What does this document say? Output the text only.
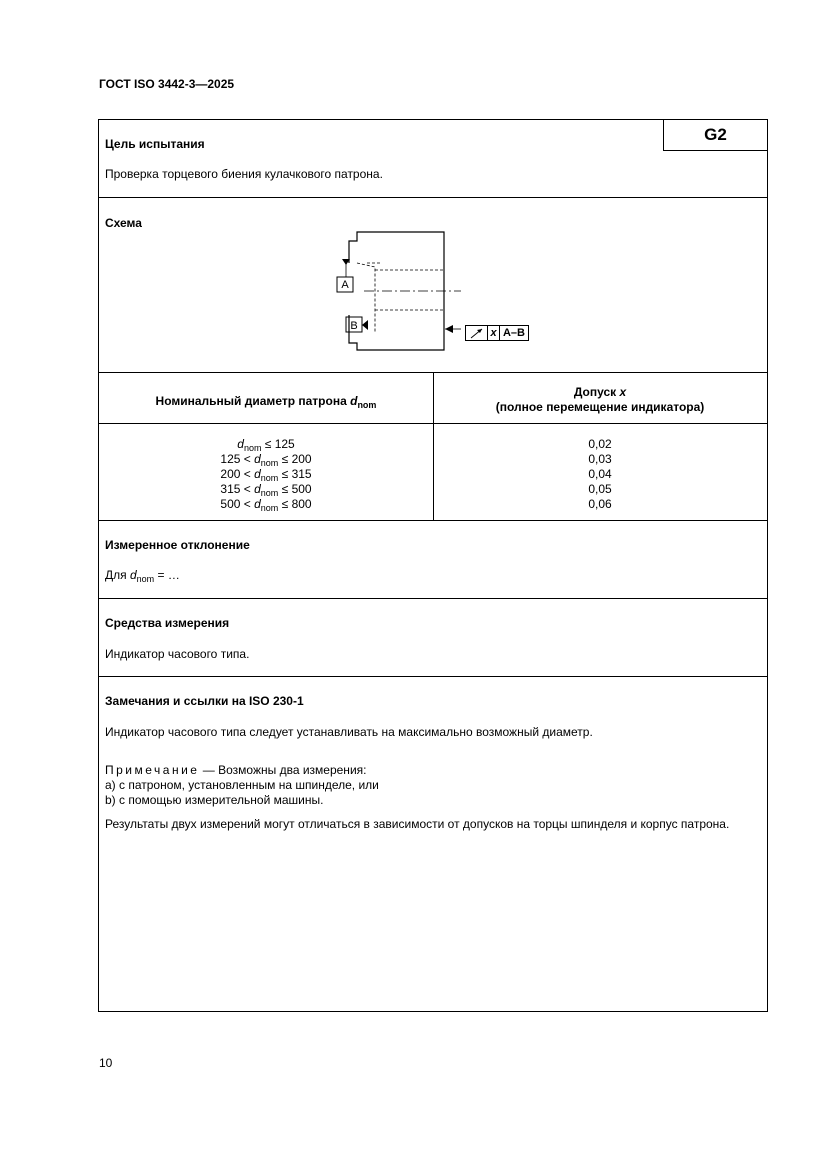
ГОСТ ISO 3442-3—2025
G2
Цель испытания
Проверка торцевого биения кулачкового патрона.
Схема
A
B
x A–B
Номинальный диаметр патрона $d_{nom}$
Допуск x
(полное перемещение индикатора)
$d_{nom} \le 125$
$125 < d_{nom} \le 200$
$200 < d_{nom} \le 315$
$315 < d_{nom} \le 500$
$500 < d_{nom} \le 800$
0,02
0,03
0,04
0,05
0,06
Измеренное отклонение
Для $d_{nom}$ = …
Средства измерения
Индикатор часового типа.
Замечания и ссылки на ISO 230-1
Индикатор часового типа следует устанавливать на максимально возможный диаметр.
Примечание — Возможны два измерения:
a) с патроном, установленным на шпинделе, или
b) с помощью измерительной машины.
Результаты двух измерений могут отличаться в зависимости от допусков на торцы шпинделя и корпус патрона.
10
